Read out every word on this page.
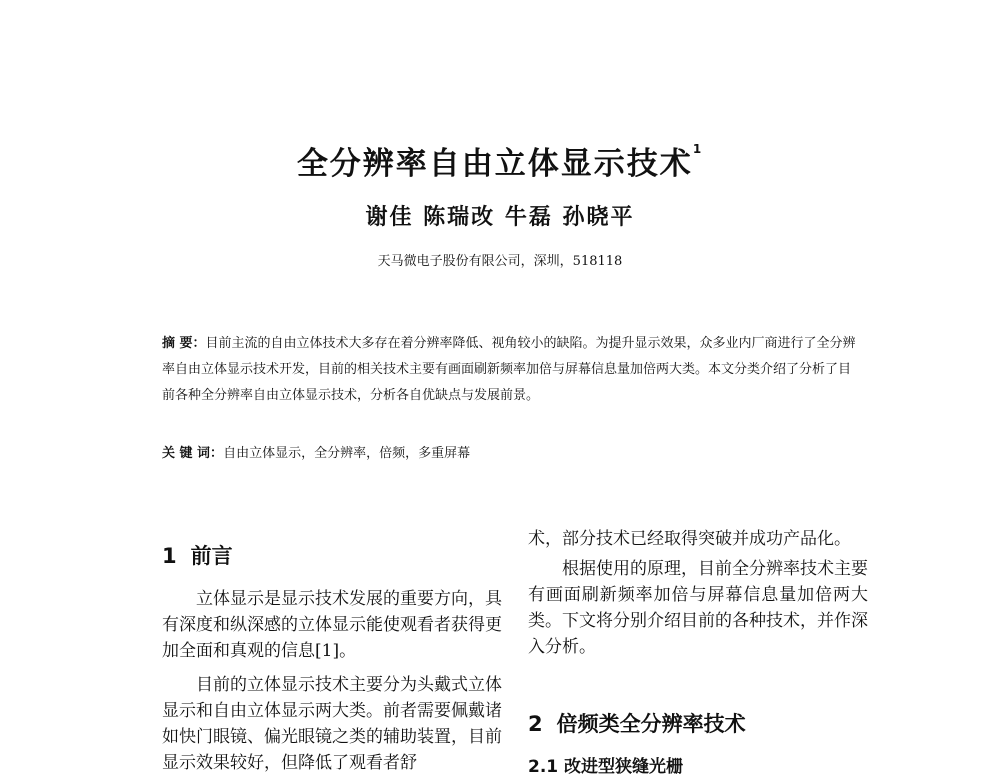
全分辨率自由立体显示技术$^1$
谢佳 陈瑞改 牛磊 孙晓平
天马微电子股份有限公司，深圳，518118
摘 要：目前主流的自由立体技术大多存在着分辨率降低、视角较小的缺陷。为提升显示效果，众多业内厂商进行了全分辨率自由立体显示技术开发，目前的相关技术主要有画面刷新频率加倍与屏幕信息量加倍两大类。本文分类介绍了分析了目前各种全分辨率自由立体显示技术，分析各自优缺点与发展前景。
关 键 词：自由立体显示，全分辨率，倍频，多重屏幕
1 前言

立体显示是显示技术发展的重要方向，具有深度和纵深感的立体显示能使观看者获得更加全面和真观的信息[1]。

目前的立体显示技术主要分为头戴式立体显示和自由立体显示两大类。前者需要佩戴诸如快门眼镜、偏光眼镜之类的辅助装置，目前显示效果较好，但降低了观看者舒

术，部分技术已经取得突破并成功产品化。

根据使用的原理，目前全分辨率技术主要有画面刷新频率加倍与屏幕信息量加倍两大类。下文将分别介绍目前的各种技术，并作深入分析。

2 倍频类全分辨率技术
2.1 改进型狭缝光栅
